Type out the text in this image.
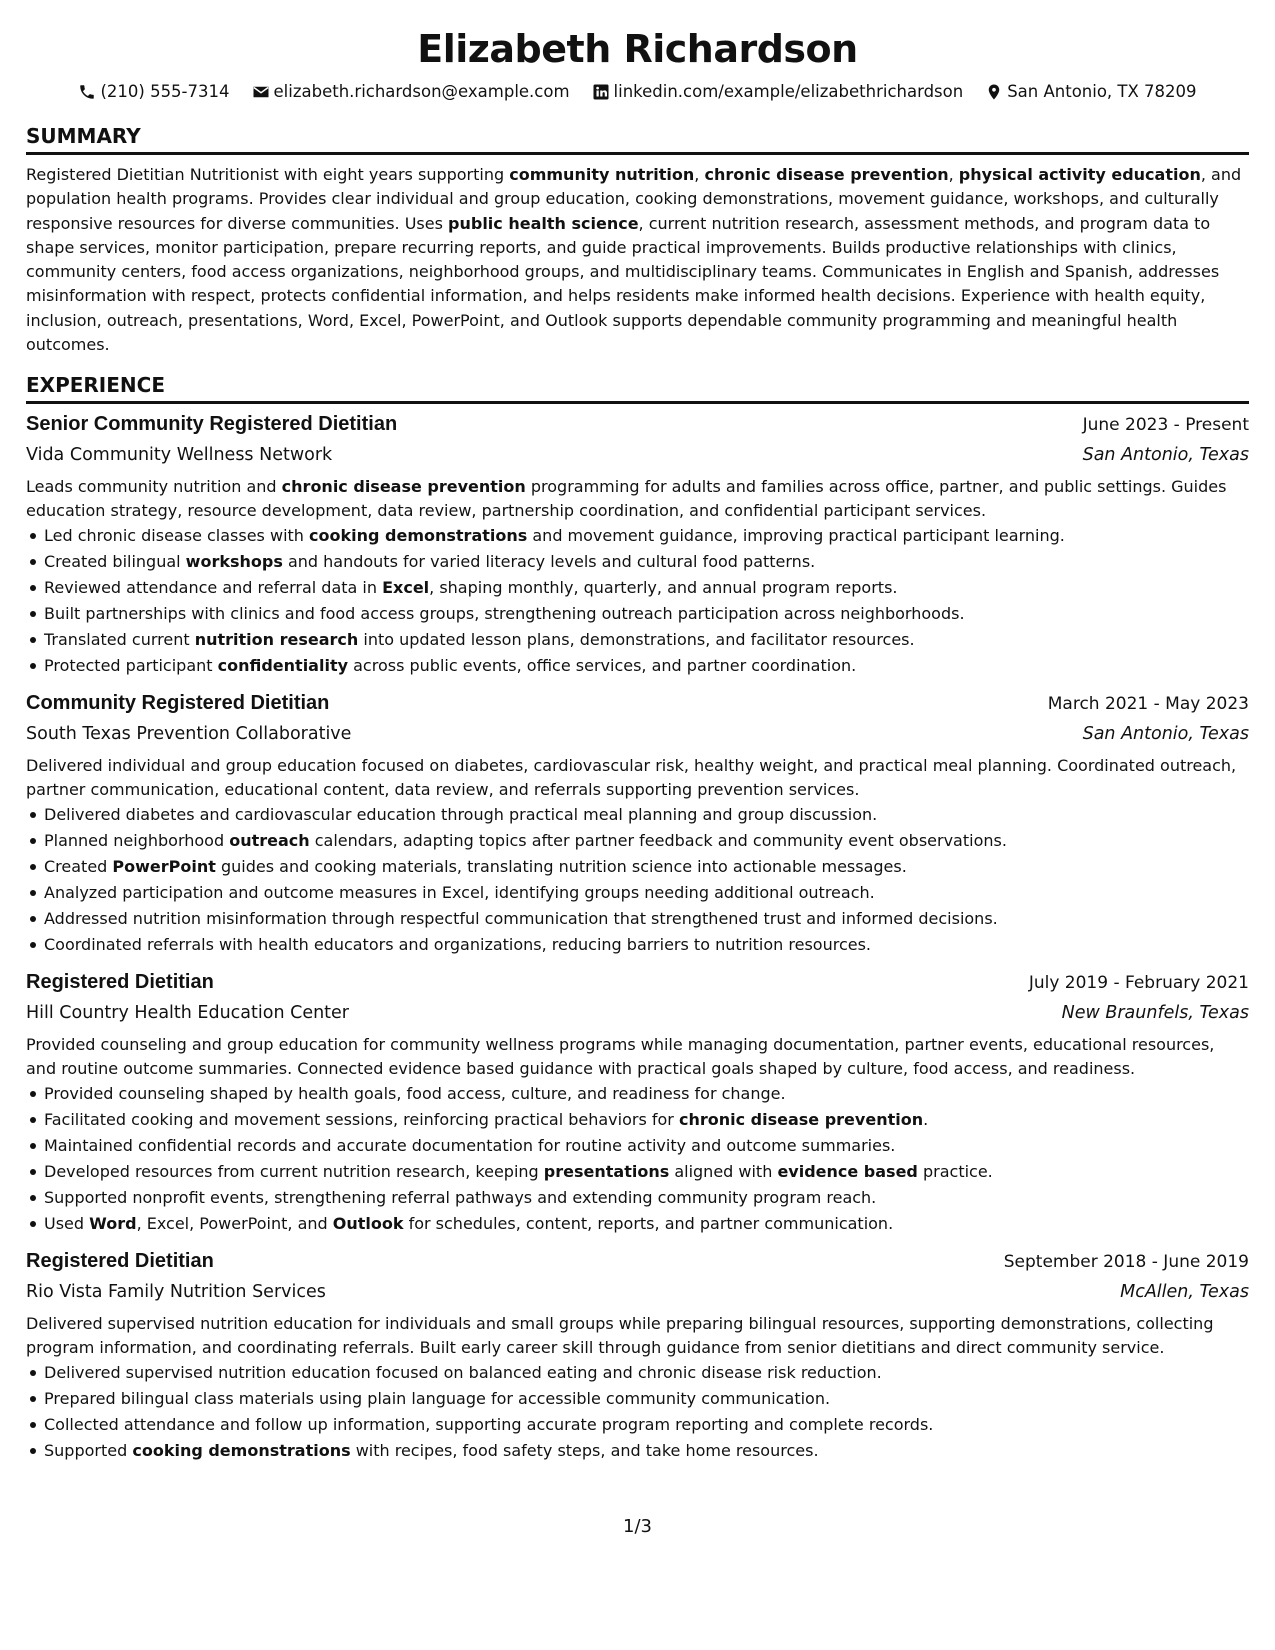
Elizabeth Richardson
(210) 555-7314	elizabeth.richardson@example.com	linkedin.com/example/elizabethrichardson	San Antonio, TX 78209
SUMMARY
Registered Dietitian Nutritionist with eight years supporting community nutrition, chronic disease prevention, physical activity education, and population health programs. Provides clear individual and group education, cooking demonstrations, movement guidance, workshops, and culturally responsive resources for diverse communities. Uses public health science, current nutrition research, assessment methods, and program data to shape services, monitor participation, prepare recurring reports, and guide practical improvements. Builds productive relationships with clinics, community centers, food access organizations, neighborhood groups, and multidisciplinary teams. Communicates in English and Spanish, addresses misinformation with respect, protects confidential information, and helps residents make informed health decisions. Experience with health equity, inclusion, outreach, presentations, Word, Excel, PowerPoint, and Outlook supports dependable community programming and meaningful health outcomes.
EXPERIENCE
Senior Community Registered Dietitian	June 2023 - Present
Vida Community Wellness Network	San Antonio, Texas
Leads community nutrition and chronic disease prevention programming for adults and families across office, partner, and public settings. Guides education strategy, resource development, data review, partnership coordination, and confidential participant services.
Led chronic disease classes with cooking demonstrations and movement guidance, improving practical participant learning.
Created bilingual workshops and handouts for varied literacy levels and cultural food patterns.
Reviewed attendance and referral data in Excel, shaping monthly, quarterly, and annual program reports.
Built partnerships with clinics and food access groups, strengthening outreach participation across neighborhoods.
Translated current nutrition research into updated lesson plans, demonstrations, and facilitator resources.
Protected participant confidentiality across public events, office services, and partner coordination.
Community Registered Dietitian	March 2021 - May 2023
South Texas Prevention Collaborative	San Antonio, Texas
Delivered individual and group education focused on diabetes, cardiovascular risk, healthy weight, and practical meal planning. Coordinated outreach, partner communication, educational content, data review, and referrals supporting prevention services.
Delivered diabetes and cardiovascular education through practical meal planning and group discussion.
Planned neighborhood outreach calendars, adapting topics after partner feedback and community event observations.
Created PowerPoint guides and cooking materials, translating nutrition science into actionable messages.
Analyzed participation and outcome measures in Excel, identifying groups needing additional outreach.
Addressed nutrition misinformation through respectful communication that strengthened trust and informed decisions.
Coordinated referrals with health educators and organizations, reducing barriers to nutrition resources.
Registered Dietitian	July 2019 - February 2021
Hill Country Health Education Center	New Braunfels, Texas
Provided counseling and group education for community wellness programs while managing documentation, partner events, educational resources, and routine outcome summaries. Connected evidence based guidance with practical goals shaped by culture, food access, and readiness.
Provided counseling shaped by health goals, food access, culture, and readiness for change.
Facilitated cooking and movement sessions, reinforcing practical behaviors for chronic disease prevention.
Maintained confidential records and accurate documentation for routine activity and outcome summaries.
Developed resources from current nutrition research, keeping presentations aligned with evidence based practice.
Supported nonprofit events, strengthening referral pathways and extending community program reach.
Used Word, Excel, PowerPoint, and Outlook for schedules, content, reports, and partner communication.
Registered Dietitian	September 2018 - June 2019
Rio Vista Family Nutrition Services	McAllen, Texas
Delivered supervised nutrition education for individuals and small groups while preparing bilingual resources, supporting demonstrations, collecting program information, and coordinating referrals. Built early career skill through guidance from senior dietitians and direct community service.
Delivered supervised nutrition education focused on balanced eating and chronic disease risk reduction.
Prepared bilingual class materials using plain language for accessible community communication.
Collected attendance and follow up information, supporting accurate program reporting and complete records.
Supported cooking demonstrations with recipes, food safety steps, and take home resources.
1/3
